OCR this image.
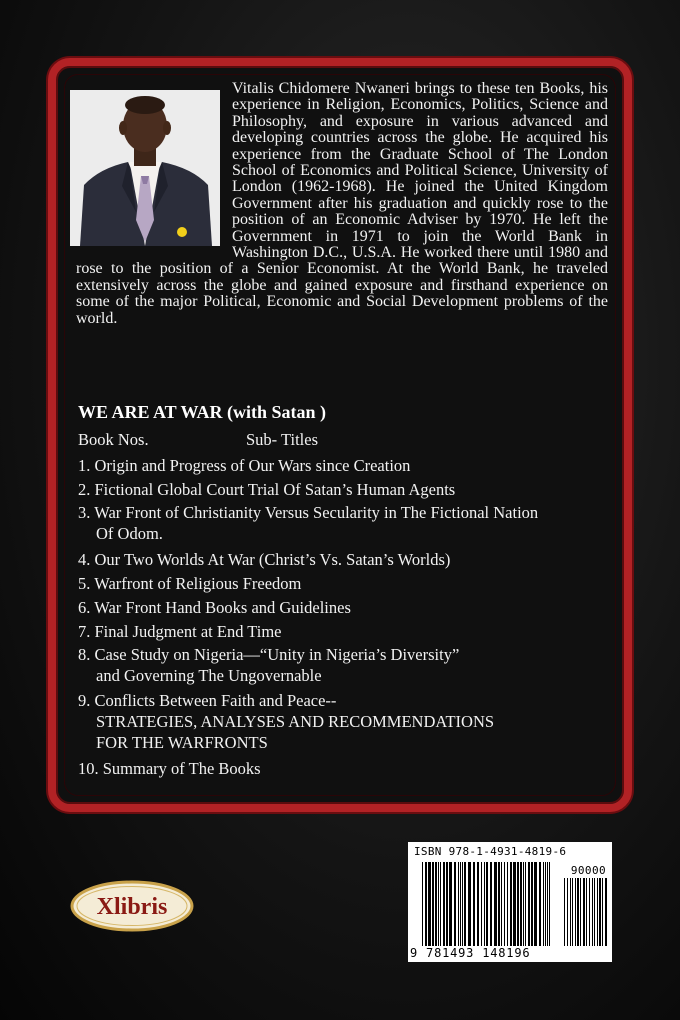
Vitalis Chidomere Nwaneri brings to these ten Books, his experience in Religion, Economics, Politics, Science and Philosophy, and exposure in various advanced and developing countries across the globe. He acquired his experience from the Graduate School of The London School of Economics and Political Science, University of London (1962-1968). He joined the United Kingdom Government after his graduation and quickly rose to the position of an Economic Adviser by 1970. He left the Government in 1971 to join the World Bank in Washington D.C., U.S.A. He worked there until 1980 and rose to the position of a Senior Economist. At the World Bank, he traveled extensively across the globe and gained exposure and firsthand experience on some of the major Political, Economic and Social Development problems of the world.

WE ARE AT WAR (with Satan )
Book Nos.	Sub- Titles
1. Origin and Progress of Our Wars since Creation
2. Fictional Global Court Trial Of Satan’s Human Agents
3. War Front of Christianity Versus Secularity in The Fictional Nation
Of Odom.
4. Our Two Worlds At War (Christ’s Vs. Satan’s Worlds)
5. Warfront of Religious Freedom
6. War Front Hand Books and Guidelines
7. Final Judgment at End Time
8. Case Study on Nigeria—“Unity in Nigeria’s Diversity”
and Governing The Ungovernable
9. Conflicts Between Faith and Peace--
STRATEGIES, ANALYSES AND RECOMMENDATIONS
FOR THE WARFRONTS
10. Summary of The Books
Xlibris
ISBN 978-1-4931-4819-6
90000
9 781493 148196
